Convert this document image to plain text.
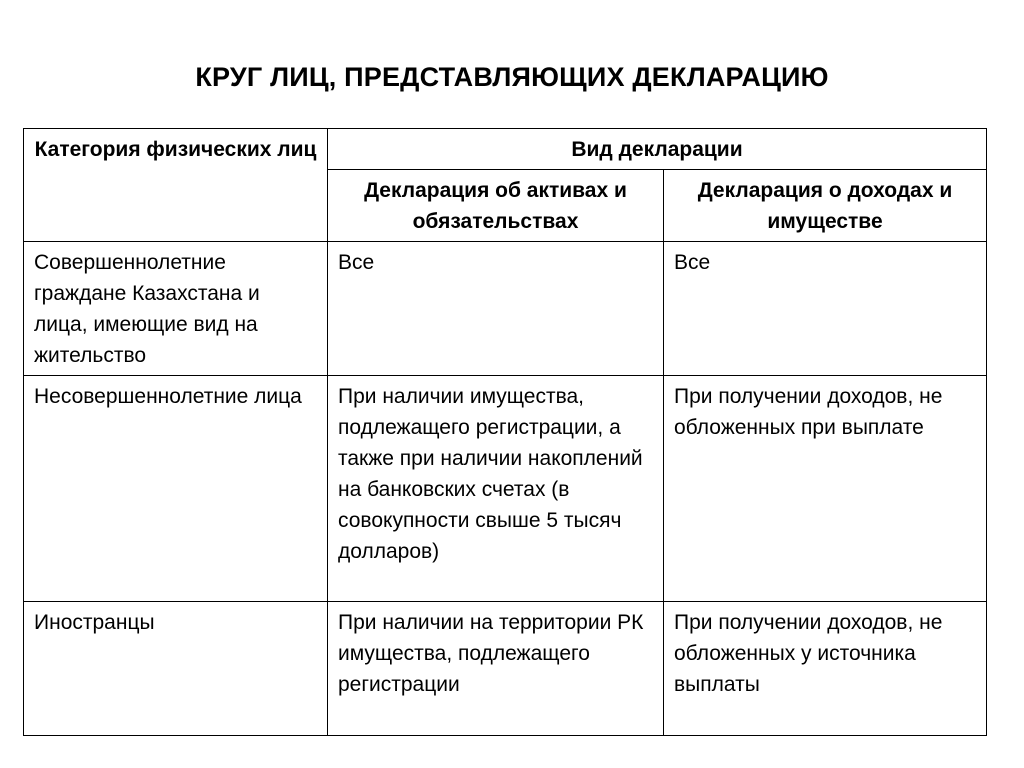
КРУГ ЛИЦ, ПРЕДСТАВЛЯЮЩИХ ДЕКЛАРАЦИЮ
Категория физических лиц	Вид декларации	
	Декларация об активах и обязательствах	Декларация о доходах и имуществе
Совершеннолетние граждане Казахстана и лица, имеющие вид на жительство	Все	Все
Несовершеннолетние лица	При наличии имущества, подлежащего регистрации, а также при наличии накоплений на банковских счетах (в совокупности свыше 5 тысяч долларов)	При получении доходов, не обложенных при выплате
Иностранцы	При наличии на территории РК имущества, подлежащего регистрации	При получении доходов, не обложенных у источника выплаты
